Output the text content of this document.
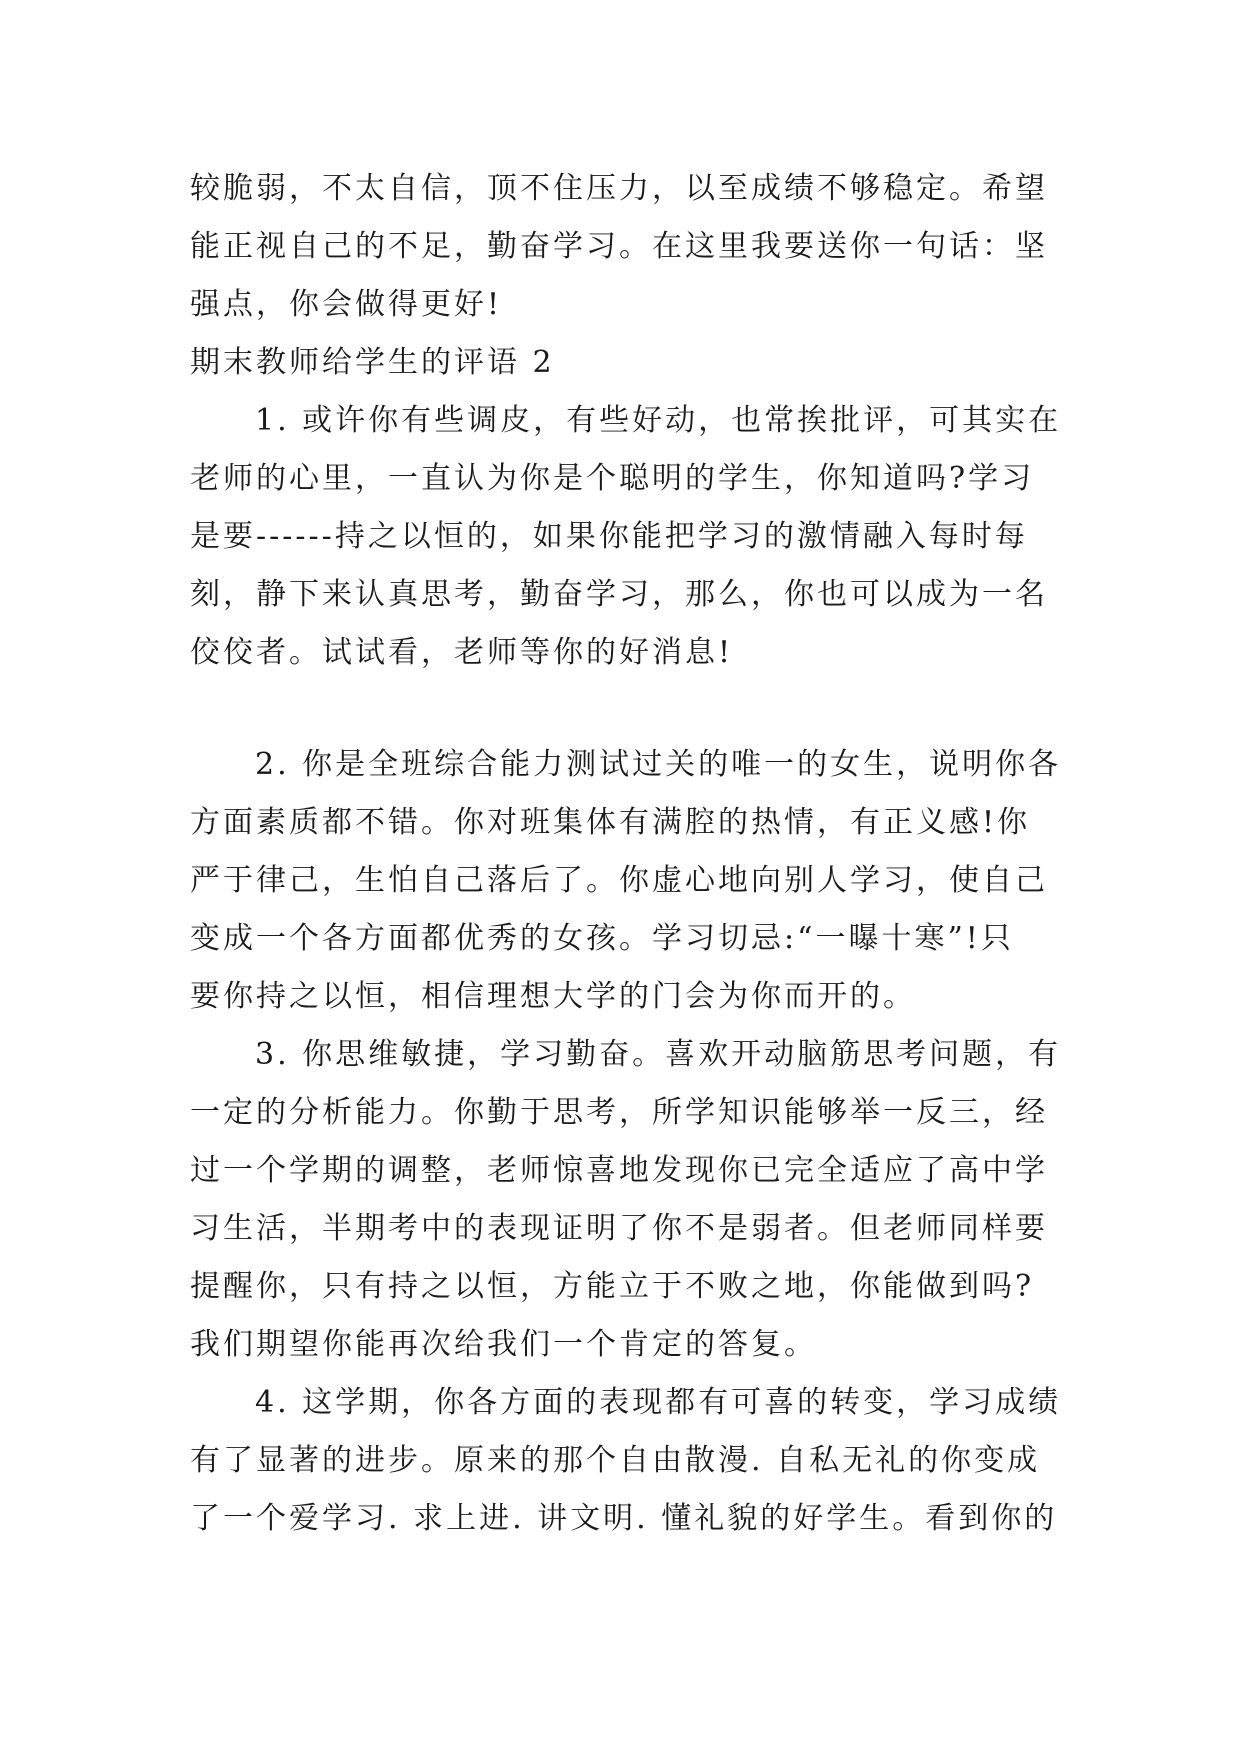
较脆弱，不太自信，顶不住压力，以至成绩不够稳定。希望
能正视自己的不足，勤奋学习。在这里我要送你一句话：坚
强点，你会做得更好!
期末教师给学生的评语 2
1. 或许你有些调皮，有些好动，也常挨批评，可其实在
老师的心里，一直认为你是个聪明的学生，你知道吗?学习
是要------持之以恒的，如果你能把学习的激情融入每时每
刻，静下来认真思考，勤奋学习，那么，你也可以成为一名
佼佼者。试试看，老师等你的好消息!
2. 你是全班综合能力测试过关的唯一的女生，说明你各
方面素质都不错。你对班集体有满腔的热情，有正义感!你
严于律己，生怕自己落后了。你虚心地向别人学习，使自己
变成一个各方面都优秀的女孩。学习切忌:“一曝十寒”!只
要你持之以恒，相信理想大学的门会为你而开的。
3. 你思维敏捷，学习勤奋。喜欢开动脑筋思考问题，有
一定的分析能力。你勤于思考，所学知识能够举一反三，经
过一个学期的调整，老师惊喜地发现你已完全适应了高中学
习生活，半期考中的表现证明了你不是弱者。但老师同样要
提醒你，只有持之以恒，方能立于不败之地，你能做到吗?
我们期望你能再次给我们一个肯定的答复。
4. 这学期，你各方面的表现都有可喜的转变，学习成绩
有了显著的进步。原来的那个自由散漫. 自私无礼的你变成
了一个爱学习. 求上进. 讲文明. 懂礼貌的好学生。看到你的
